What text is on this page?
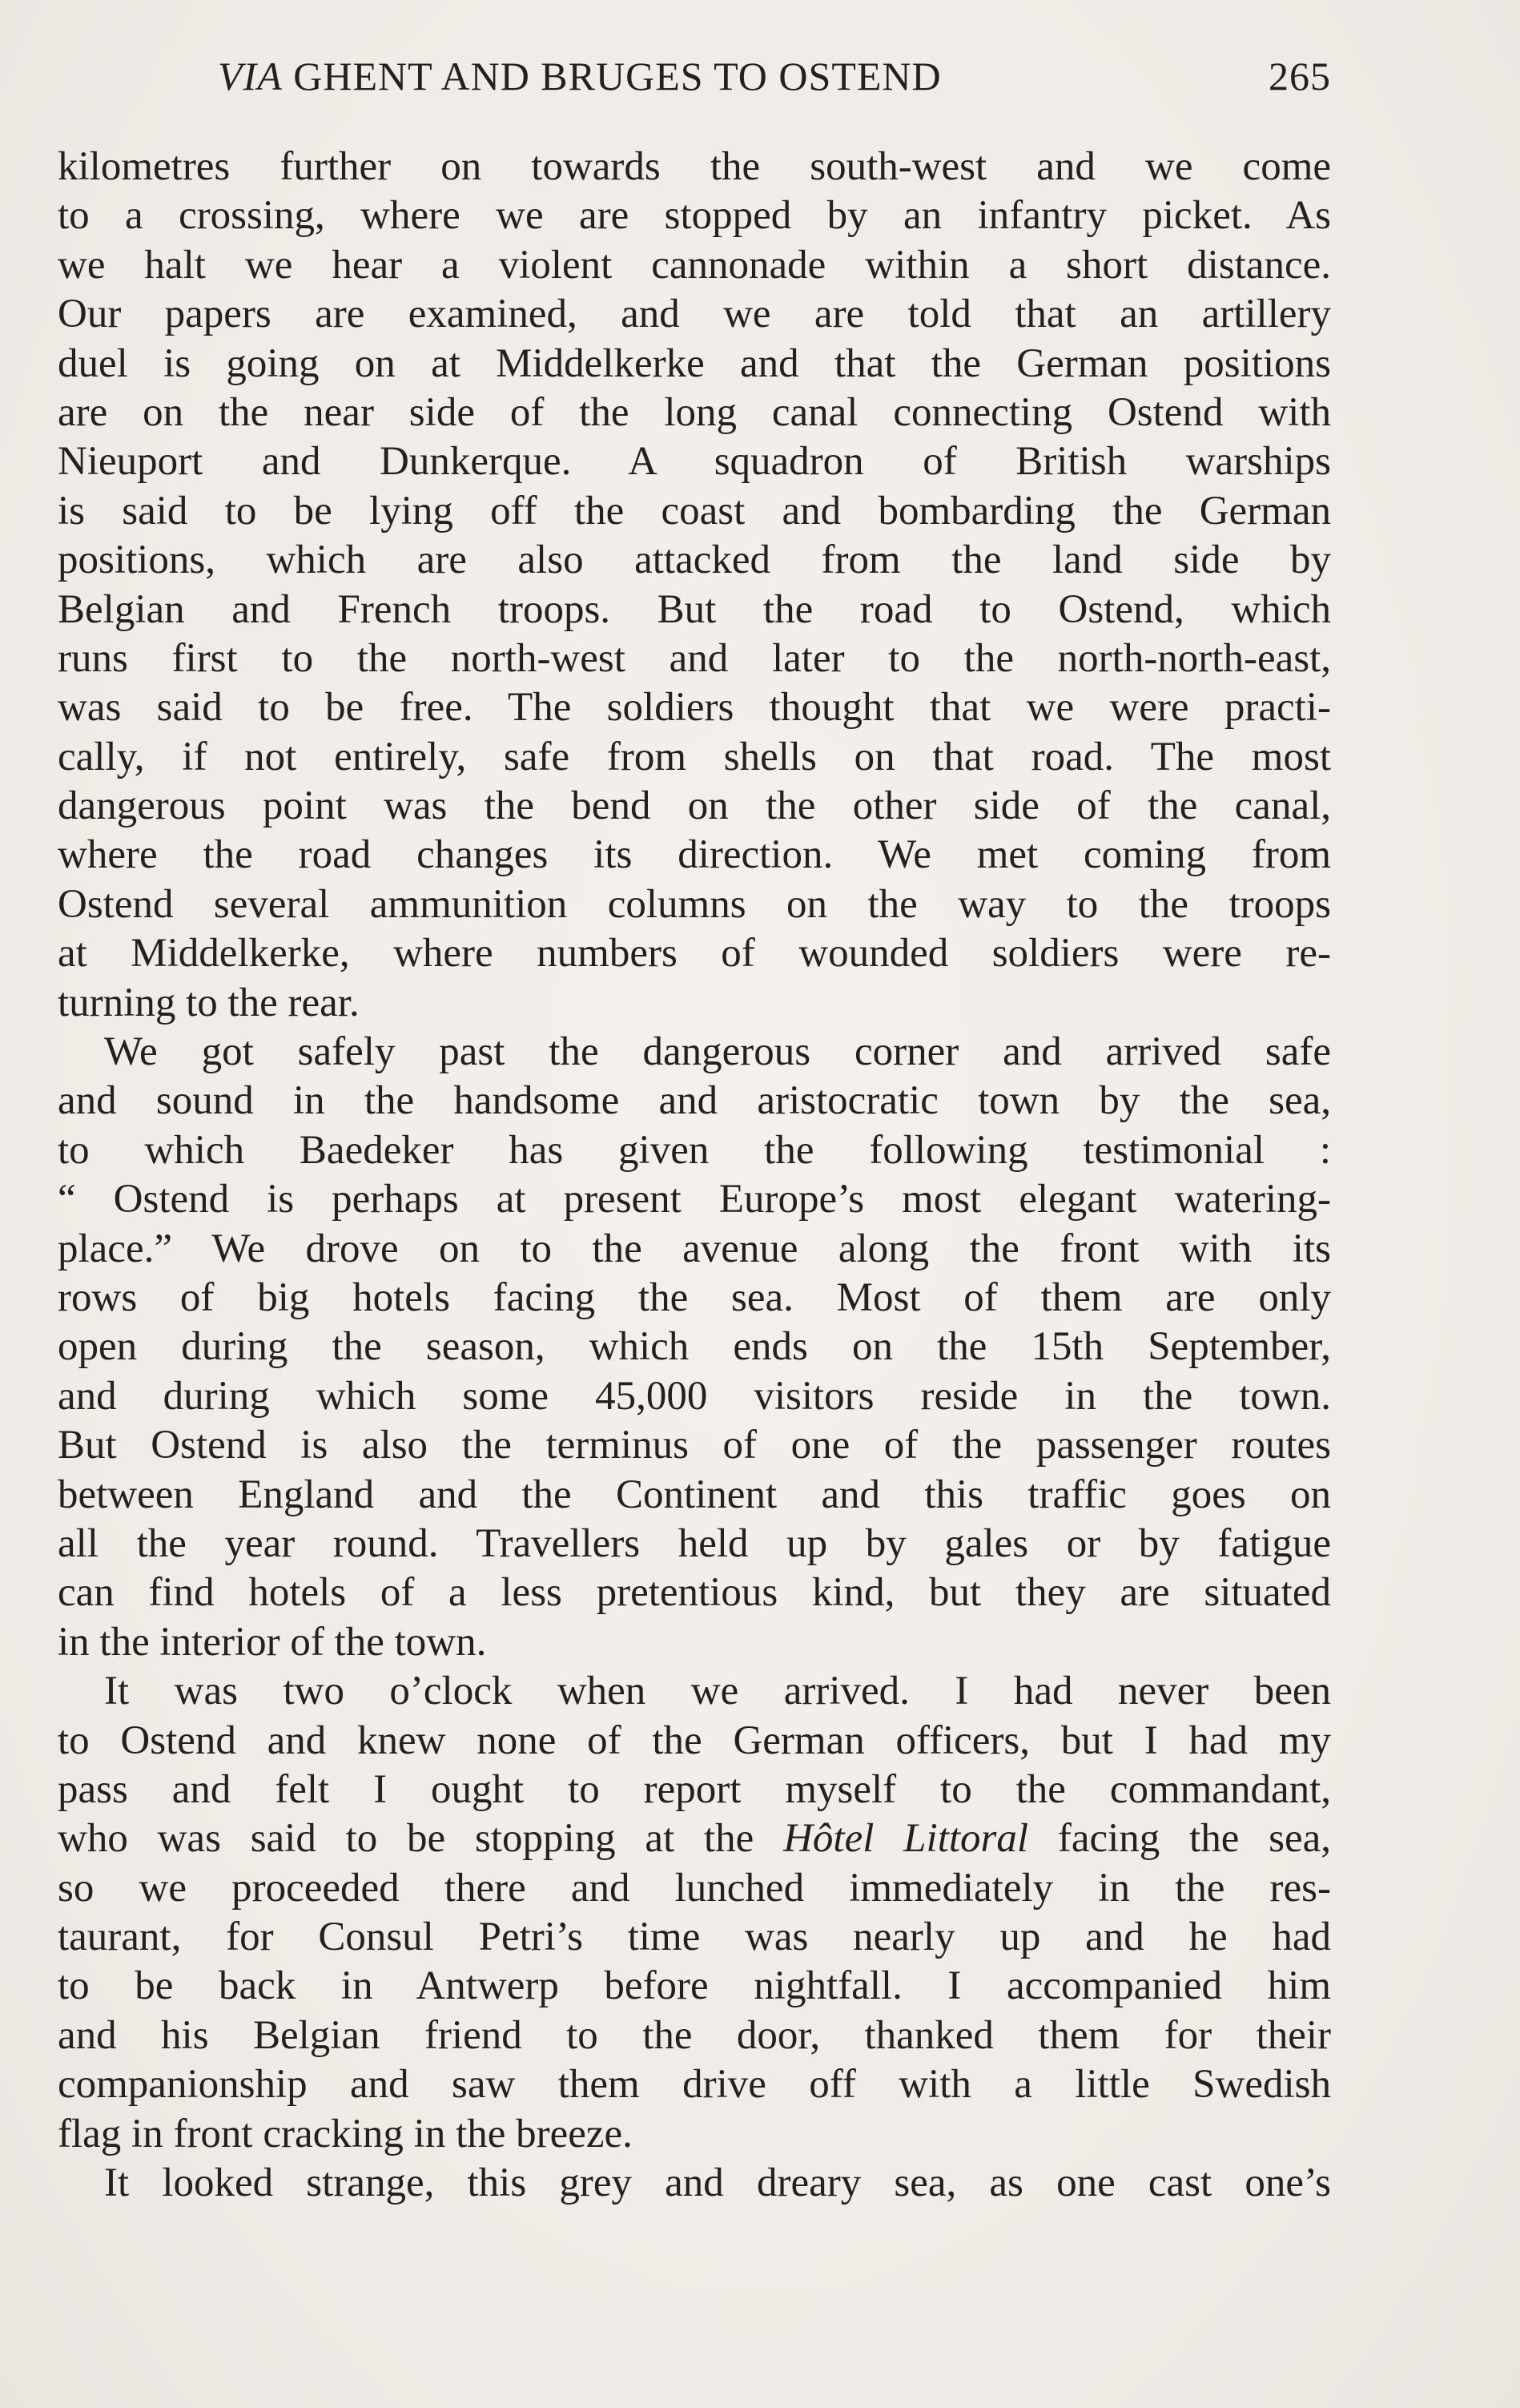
VIA GHENT AND BRUGES TO OSTEND	265
kilometres further on towards the south-west and we come
to a crossing, where we are stopped by an infantry picket. As
we halt we hear a violent cannonade within a short distance.
Our papers are examined, and we are told that an artillery
duel is going on at Middelkerke and that the German positions
are on the near side of the long canal connecting Ostend with
Nieuport and Dunkerque. A squadron of British warships
is said to be lying off the coast and bombarding the German
positions, which are also attacked from the land side by
Belgian and French troops. But the road to Ostend, which
runs first to the north-west and later to the north-north-east,
was said to be free. The soldiers thought that we were practi-
cally, if not entirely, safe from shells on that road. The most
dangerous point was the bend on the other side of the canal,
where the road changes its direction. We met coming from
Ostend several ammunition columns on the way to the troops
at Middelkerke, where numbers of wounded soldiers were re-
turning to the rear.
We got safely past the dangerous corner and arrived safe
and sound in the handsome and aristocratic town by the sea,
to which Baedeker has given the following testimonial :
“ Ostend is perhaps at present Europe’s most elegant watering-
place.” We drove on to the avenue along the front with its
rows of big hotels facing the sea. Most of them are only
open during the season, which ends on the 15th September,
and during which some 45,000 visitors reside in the town.
But Ostend is also the terminus of one of the passenger routes
between England and the Continent and this traffic goes on
all the year round. Travellers held up by gales or by fatigue
can find hotels of a less pretentious kind, but they are situated
in the interior of the town.
It was two o’clock when we arrived. I had never been
to Ostend and knew none of the German officers, but I had my
pass and felt I ought to report myself to the commandant,
who was said to be stopping at the Hôtel Littoral facing the sea,
so we proceeded there and lunched immediately in the res-
taurant, for Consul Petri’s time was nearly up and he had
to be back in Antwerp before nightfall. I accompanied him
and his Belgian friend to the door, thanked them for their
companionship and saw them drive off with a little Swedish
flag in front cracking in the breeze.
It looked strange, this grey and dreary sea, as one cast one’s
